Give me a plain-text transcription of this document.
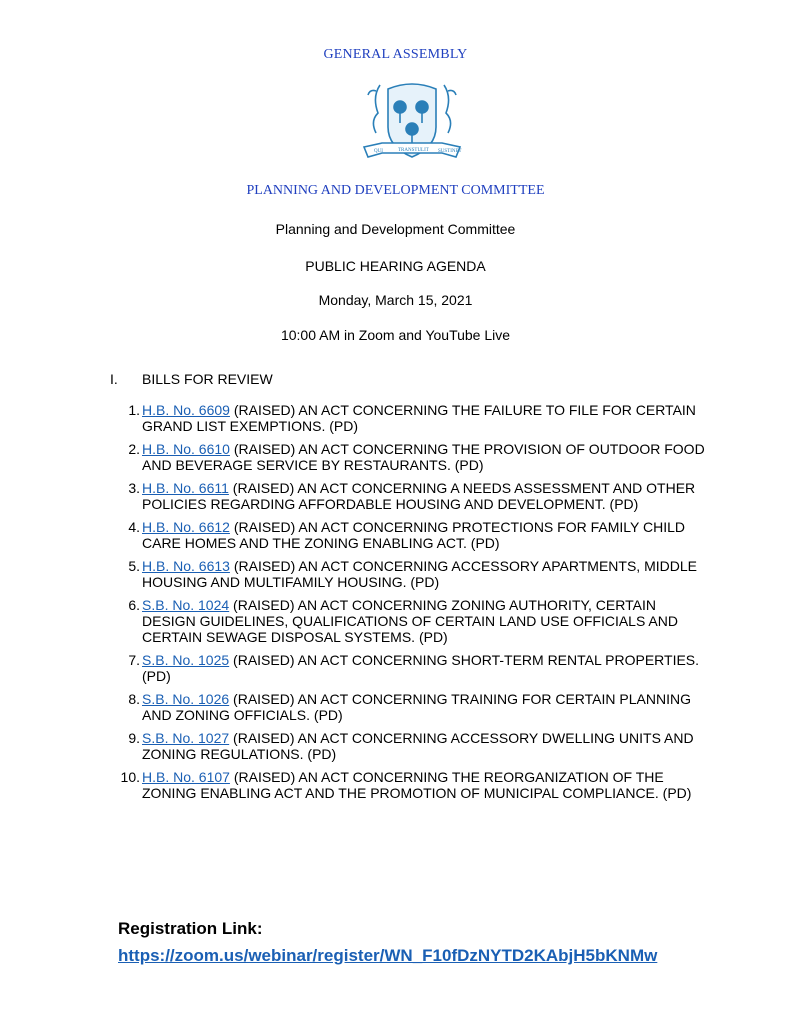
GENERAL ASSEMBLY
QUI	TRANSTULIT SUSTINET
PLANNING AND DEVELOPMENT COMMITTEE
Planning and Development Committee
PUBLIC HEARING AGENDA
Monday, March 15, 2021
10:00 AM in Zoom and YouTube Live
I. BILLS FOR REVIEW
1. H.B. No. 6609 (RAISED) AN ACT CONCERNING THE FAILURE TO FILE FOR CERTAIN GRAND LIST EXEMPTIONS. (PD)
2. H.B. No. 6610 (RAISED) AN ACT CONCERNING THE PROVISION OF OUTDOOR FOOD AND BEVERAGE SERVICE BY RESTAURANTS. (PD)
3. H.B. No. 6611 (RAISED) AN ACT CONCERNING A NEEDS ASSESSMENT AND OTHER POLICIES REGARDING AFFORDABLE HOUSING AND DEVELOPMENT. (PD)
4. H.B. No. 6612 (RAISED) AN ACT CONCERNING PROTECTIONS FOR FAMILY CHILD CARE HOMES AND THE ZONING ENABLING ACT. (PD)
5. H.B. No. 6613 (RAISED) AN ACT CONCERNING ACCESSORY APARTMENTS, MIDDLE HOUSING AND MULTIFAMILY HOUSING. (PD)
6. S.B. No. 1024 (RAISED) AN ACT CONCERNING ZONING AUTHORITY, CERTAIN DESIGN GUIDELINES, QUALIFICATIONS OF CERTAIN LAND USE OFFICIALS AND CERTAIN SEWAGE DISPOSAL SYSTEMS. (PD)
7. S.B. No. 1025 (RAISED) AN ACT CONCERNING SHORT-TERM RENTAL PROPERTIES. (PD)
8. S.B. No. 1026 (RAISED) AN ACT CONCERNING TRAINING FOR CERTAIN PLANNING AND ZONING OFFICIALS. (PD)
9. S.B. No. 1027 (RAISED) AN ACT CONCERNING ACCESSORY DWELLING UNITS AND ZONING REGULATIONS. (PD)
10. H.B. No. 6107 (RAISED) AN ACT CONCERNING THE REORGANIZATION OF THE ZONING ENABLING ACT AND THE PROMOTION OF MUNICIPAL COMPLIANCE. (PD)
Registration Link:
https://zoom.us/webinar/register/WN_F10fDzNYTD2KAbjH5bKNMw
